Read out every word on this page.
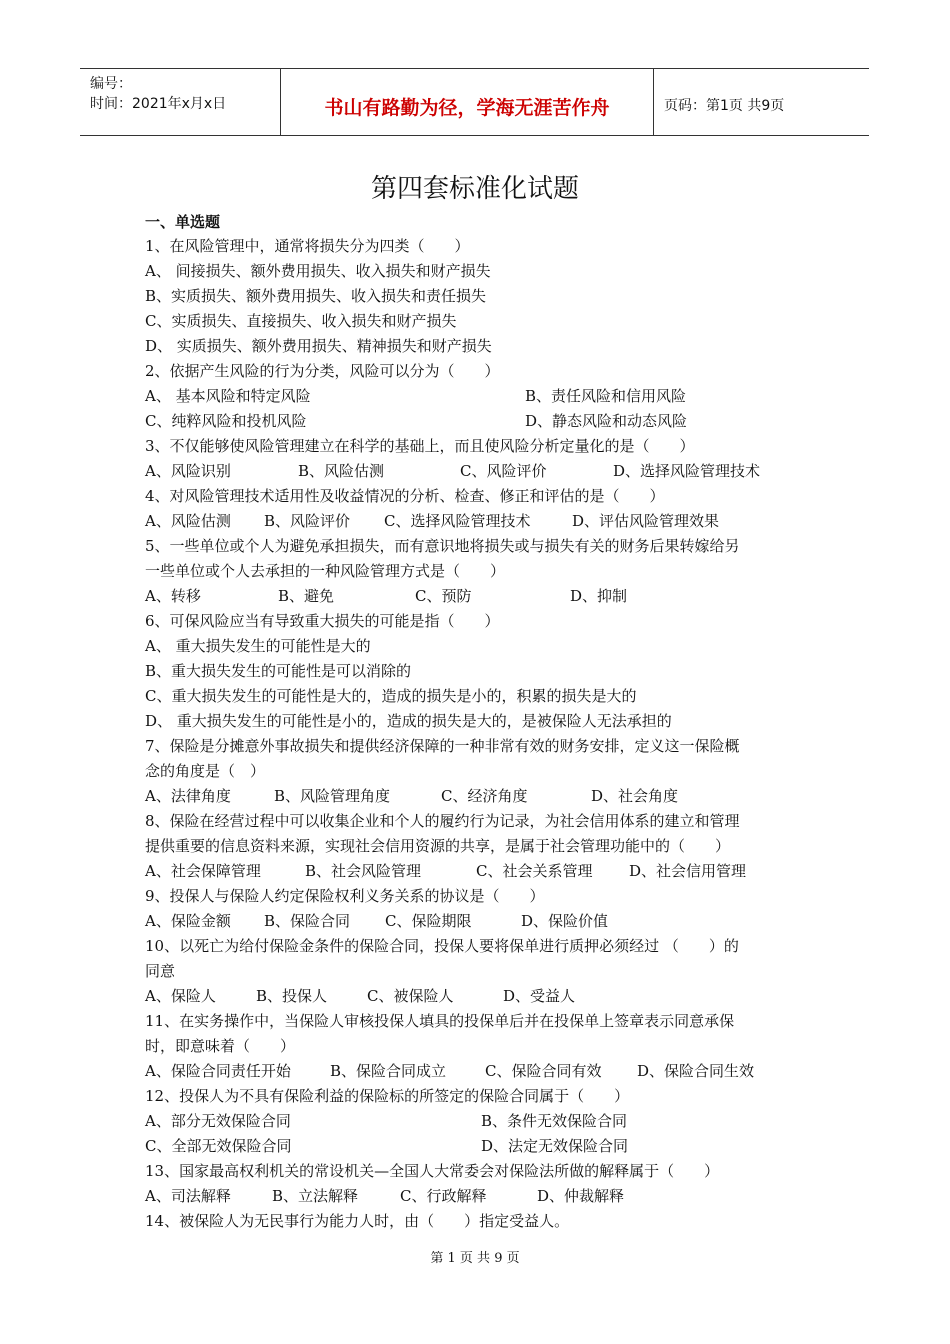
编号：
时间：2021年x月x日	书山有路勤为径，学海无涯苦作舟	页码：第1页 共9页
第四套标准化试题
一、单选题
1、在风险管理中，通常将损失分为四类（　　）
A、 间接损失、额外费用损失、收入损失和财产损失
B、实质损失、额外费用损失、收入损失和责任损失
C、实质损失、直接损失、收入损失和财产损失
D、 实质损失、额外费用损失、精神损失和财产损失
2、依据产生风险的行为分类，风险可以分为（　　）
A、 基本风险和特定风险	B、责任风险和信用风险
C、纯粹风险和投机风险	D、静态风险和动态风险
3、不仅能够使风险管理建立在科学的基础上，而且使风险分析定量化的是（　　）
A、风险识别	B、风险估测	C、风险评价	D、选择风险管理技术
4、对风险管理技术适用性及收益情况的分析、检查、修正和评估的是（　　）
A、风险估测 B、风险评价 C、选择风险管理技术	D、评估风险管理效果
5、一些单位或个人为避免承担损失，而有意识地将损失或与损失有关的财务后果转嫁给另
一些单位或个人去承担的一种风险管理方式是（　　）
A、转移	B、避免	C、预防	D、抑制
6、可保风险应当有导致重大损失的可能是指（　　）
A、 重大损失发生的可能性是大的
B、重大损失发生的可能性是可以消除的
C、重大损失发生的可能性是大的，造成的损失是小的，积累的损失是大的
D、 重大损失发生的可能性是小的，造成的损失是大的，是被保险人无法承担的
7、保险是分摊意外事故损失和提供经济保障的一种非常有效的财务安排，定义这一保险概
念的角度是（　）
A、法律角度	B、风险管理角度	C、经济角度	D、社会角度
8、保险在经营过程中可以收集企业和个人的履约行为记录，为社会信用体系的建立和管理
提供重要的信息资料来源，实现社会信用资源的共享，是属于社会管理功能中的（　　）
A、社会保障管理	B、社会风险管理	C、社会关系管理 D、社会信用管理
9、投保人与保险人约定保险权利义务关系的协议是（　　）
A、保险金额 B、保险合同 C、保险期限	D、保险价值
10、以死亡为给付保险金条件的保险合同，投保人要将保单进行质押必须经过 （　　）的
同意
A、保险人	B、投保人	C、被保险人	D、受益人
11、在实务操作中，当保险人审核投保人填具的投保单后并在投保单上签章表示同意承保
时，即意味着（　　）
A、保险合同责任开始	B、保险合同成立	C、保险合同有效 D、保险合同生效
12、投保人为不具有保险利益的保险标的所签定的保险合同属于（　　）
A、部分无效保险合同	B、条件无效保险合同
C、全部无效保险合同	D、法定无效保险合同
13、国家最高权利机关的常设机关—全国人大常委会对保险法所做的解释属于（　　）
A、司法解释	B、立法解释	C、行政解释	D、仲裁解释
14、被保险人为无民事行为能力人时，由（　　）指定受益人。
第 1 页 共 9 页
